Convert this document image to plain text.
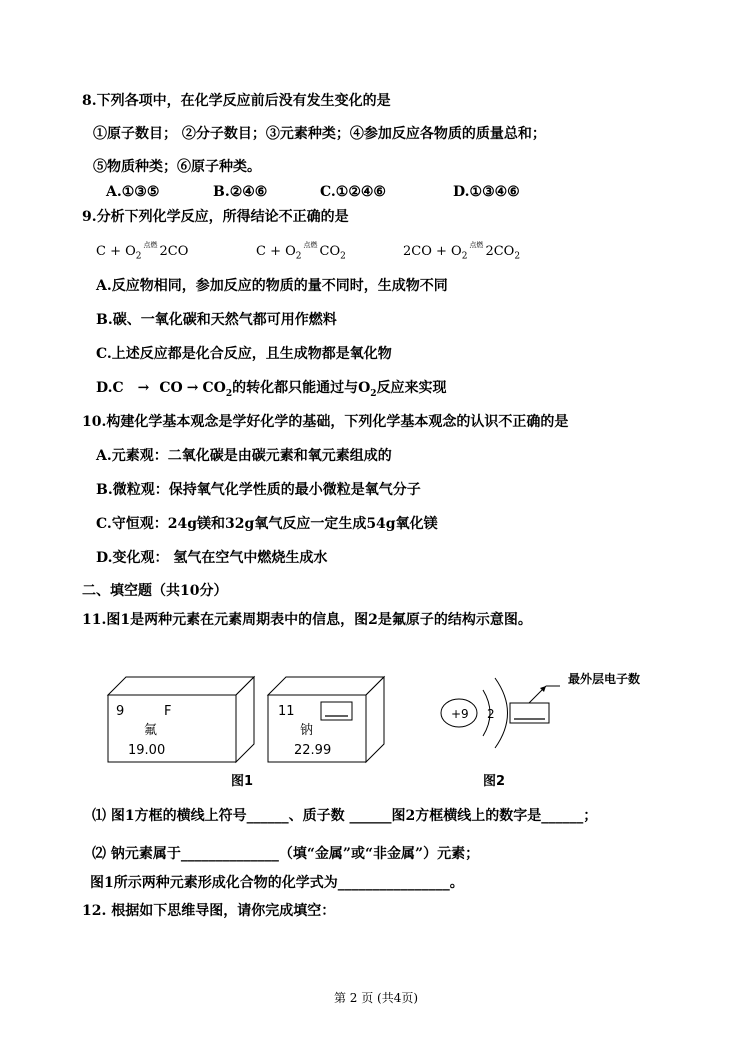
8.下列各项中，在化学反应前后没有发生变化的是
①原子数目； ②分子数目；③元素种类；④参加反应各物质的质量总和；
⑤物质种类；⑥原子种类。
A.①③⑤	B.②④⑥	C.①②④⑥	D.①③④⑥
9.分析下列化学反应，所得结论不正确的是
$C + O_2^{点燃}$ 2CO	$C + O_2^{点燃}$ $CO_2$	$2CO + O_2^{点燃}$ $2CO_2$
A.反应物相同，参加反应的物质的量不同时，生成物不同
B.碳、一氧化碳和天然气都可用作燃料
C.上述反应都是化合反应，且生成物都是氧化物
D.C → CO → $CO_2$的转化都只能通过与$O_2$反应来实现
10.构建化学基本观念是学好化学的基础，下列化学基本观念的认识不正确的是
A.元素观：二氧化碳是由碳元素和氧元素组成的
B.微粒观：保持氧气化学性质的最小微粒是氧气分子
C.守恒观：24g镁和32g氧气反应一定生成54g氧化镁
D.变化观： 氢气在空气中燃烧生成水
二、填空题（共10分）
11.图1是两种元素在元素周期表中的信息，图2是氟原子的结构示意图。
9	F
氟
19.00
11
钠
22.99
+9 2
最外层电子数
图1	图2
⑴ 图1方框的横线上符号______、质子数 ______图2方框横线上的数字是______；
⑵ 钠元素属于______________（填“金属”或“非金属”）元素；
图1所示两种元素形成化合物的化学式为________________。
12. 根据如下思维导图，请你完成填空：
第 2 页 (共4页)
